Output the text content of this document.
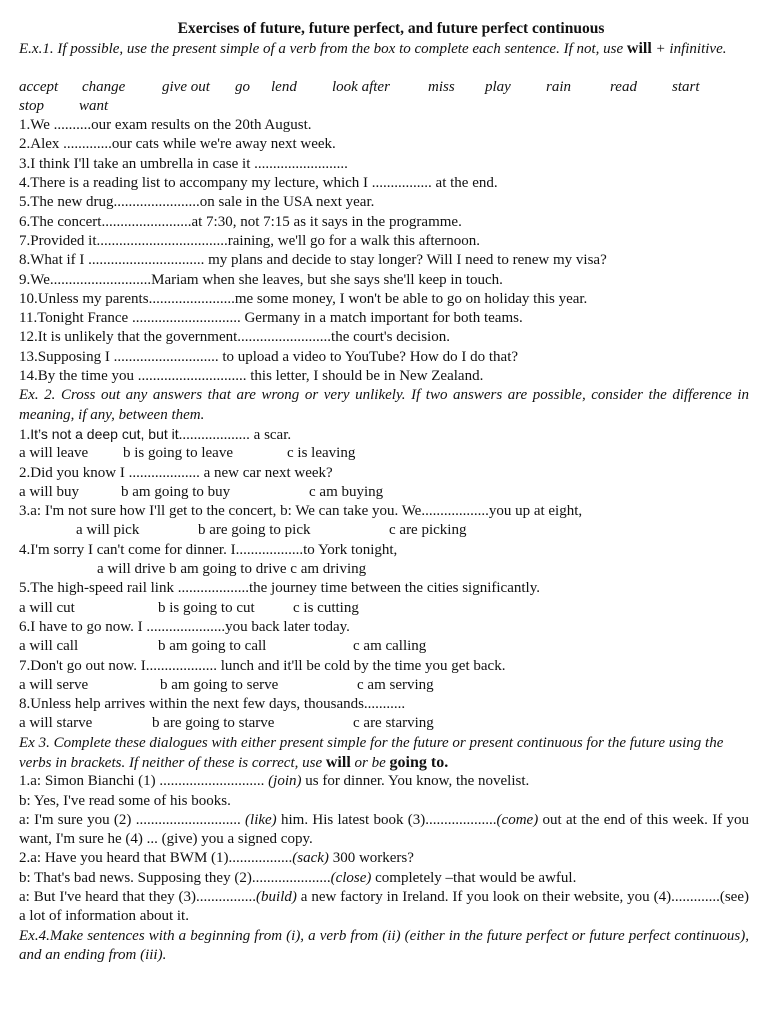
Exercises of future, future perfect, and future perfect continuous
E.x.1. If possible, use the present simple of a verb from the box to complete each sentence. If not, use will + infinitive.
accept change give out go lend look after	miss play rain	read start
stop want
1.We ..........our exam results on the 20th August.
2.Alex .............our cats while we're away next week.
3.I think I'll take an umbrella in case it .........................
4.There is a reading list to accompany my lecture, which I ................ at the end.
5.The new drug.......................on sale in the USA next year.
6.The concert........................at 7:30, not 7:15 as it says in the programme.
7.Provided it...................................raining, we'll go for a walk this afternoon.
8.What if I ............................... my plans and decide to stay longer? Will I need to renew my visa?
9.We...........................Mariam when she leaves, but she says she'll keep in touch.
10.Unless my parents.......................me some money, I won't be able to go on holiday this year.
11.Tonight France ............................. Germany in a match important for both teams.
12.It is unlikely that the government.........................the court's decision.
13.Supposing I ............................ to upload a video to YouTube? How do I do that?
14.By the time you ............................. this letter, I should be in New Zealand.
Ex. 2. Cross out any answers that are wrong or very unlikely. If two answers are possible, consider the difference in meaning, if any, between them.
1.It’s not a deep cut, but it................... a scar.
a will leave b is going to leave	c is leaving
2.Did you know I ................... a new car next week?
a will buy	b am going to buy	c am buying
3.a: I'm not sure how I'll get to the concert, b: We can take you. We..................you up at eight,
a will pick	b are going to pick	c are picking
4.I'm sorry I can't come for dinner. I..................to York tonight,
a will drive b am going to drive c am driving
5.The high-speed rail link ...................the journey time between the cities significantly.
a will cut	b is going to cut	c is cutting
6.I have to go now. I .....................you back later today.
a will call	b am going to call	c am calling
7.Don't go out now. I................... lunch and it'll be cold by the time you get back.
a will serve	b am going to serve	c am serving
8.Unless help arrives within the next few days, thousands...........
a will starve	b are going to starve	c are starving
Ex 3. Complete these dialogues with either present simple for the future or present continuous for the future using the verbs in brackets. If neither of these is correct, use will or be going to.
1.a: Simon Bianchi (1) ............................ (join) us for dinner. You know, the novelist.
b: Yes, I've read some of his books.
a: I'm sure you (2) ............................ (like) him. His latest book (3)...................(come) out at the end of this week. If you want, I'm sure he (4) ... (give) you a signed copy.
2.a: Have you heard that BWM (1).................(sack) 300 workers?
b: That's bad news. Supposing they (2).....................(close) completely –that would be awful.
a: But I've heard that they (3)................(build) a new factory in Ireland. If you look on their website, you (4).............(see) a lot of information about it.
Ex.4.Make sentences with a beginning from (i), a verb from (ii) (either in the future perfect or future perfect continuous), and an ending from (iii).
